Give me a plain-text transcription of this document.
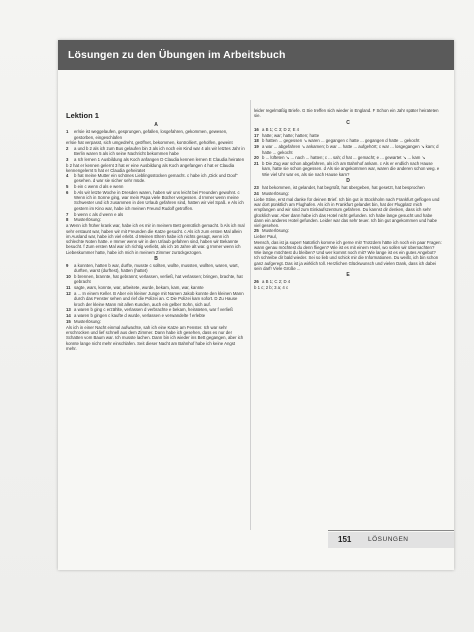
Lösungen zu den Übungen im Arbeitsbuch
Lektion 1
A
1 er/sie ist weggelaufen, gesprungen, gefallen, losgefahren, gekommen, gewesen, gestorben, eingeschlafen
er/sie hat verpasst, sich umgedreht, geöffnet, bekommen, kontrolliert, geholfen, geweint
2 a und b 2 als ich zum Bus gelaufen bin 3 als ich noch ein Kind war 4 als wir letztes Jahr in Berlin waren 5 als ich seine Nachricht bekommen habe
3 a Ich lernen 1 Ausbildung als Koch anfangen D Claudia kennen lernen E Claudia heiraten
b 2 hat er kennen gelernt 3 hat er eine Ausbildung als Koch angefangen 4 hat er Claudia kennengelernt 5 hat er Claudia geheiratet
4 b hat meine Mutter ein schönes Lieblingsstücken gemacht. c habe ich „Dick und Doof“ gesehen. d war sie sicher sehr müde.
5 b ein c wenn d als e wenn
6 b Als wir letzte Woche in Dresden waren, haben wir uns leicht bei Freunden gewohnt. c Wenn ich in Sonne ging, war mein Papa viele Bücher vergessen. d Immer wenn meine Schwester und ich zusammen in den Urlaub gefahren sind, hatten wir viel Spaß. e Als ich gestern im Kino war, habe ich meinen Freund Rudolf getroffen.
7 b wenn c als d wenn e als
8 Musterlösung:
a Wenn ich früher krank war, habe ich es mir in meinem Bett gemütlich gemacht. b Als ich mal sehr erstaunt war, haben wir mit Freunden die Katze gesucht. c Als ich zum ersten Mal allein im Ausland war, habe ich viel erlebt. d Meinen Eltern habe ich nichts gesagt, wenn ich schlechte Noten hatte. e Immer wenn wir in den Urlaub gefahren sind, haben wir Bekannte besucht. f Zum ersten Mal war ich richtig verliebt, als ich 16 Jahre alt war. g Immer wenn ich Liebeskummer hatte, habe ich mich in meinem Zimmer zurückgezogen.
B
9 a konnten, hatten b war, durfte, musste c sollten, wollte, mussten, wollten, waren, wart, durften, warst (durftest), hatten (hattet)
10 b brennen, brannte, hat gebrannt; verlassen, verließ, hat verlassen; bringen, brachte, hat gebracht
11 sagte, wars, konnte, war, arbeitete, wurde, bekam, kam, war, kannte
12 a ... In einem Keller. B Aber ein kleiner Junge mit Namen Jakob konnte den kleinen Mann durch das Fenster sehen und rief die Polizei an. C Die Polizei kam sofort. D Zu Hause kroch der kleine Mann mit allen Kunden, auch ein gelber Sohn, sich auf.
13 a waren b ging c erzählte, verlassen d verbrachte e bekam, heirateten, war f verließ
14 a waren b gingen c kaufte d wurde, verlassen e verwandelte f erlebte
15 Musterlösung:
Als ich in einer Nacht einmal aufwachte, sah ich eine Katze am Fenster. Ich war sehr erschrocken und lief schnell aus dem Zimmer. Dann habe ich gesehen, dass es nur der Schatten vom Baum war. Ich musste lachen. Dann bin ich wieder ins Bett gegangen, aber ich konnte lange nicht mehr einschlafen. Seit dieser Nacht am Bahnhof habe ich keine Angst mehr.
leider regelmäßig Briefe. G Sie treffen sich wieder in England. F Schon ein Jahr später heirateten sie.
C
16 a B 1; C 3; D 2; E 4
17 hatte; war; hatte; hatten; hatte
18 b hatten ... gegessen ↘ waren ... gegangen c hatte ... gegangen d hatte ... gekocht
19 a war ... abgefahren ↘ ankamen; b war ... hatte ... aufgehört; c war ... losgegangen ↘ kam; d hatte ... gekocht
20 b ... lüfteten ↘ ... nach ... hatten; c ... sah; d hat ... gemacht; e ... gewartet ↘ ... kam ↘
21 b Die Zug war schon abgefahren, als ich am Bahnhof ankam. c Als er endlich nach Hause kam, hatte sie schon gegessen. d Als sie angekommen war, waren die anderen schon weg. e Wie viel Uhr war es, als sie nach Hause kam?
D
23 hat bekommen, ist gelandet, hat begrüßt, hat übergeben, hat gesetzt, hat besprochen
24 Musterlösung:
Liebe Stine, erst mal danke für deinen Brief. Ich bin gut in Stockholm nach Frankfurt geflogen und war dort pünktlich am Flughafen. Als ich in Frankfurt gelandet bin, hat der Flugplatz mich empfangen und wir sind zum Einkaufszentrum gefahren. Du kannst dir denken, dass ich sehr glücklich war. Aber dann habe ich das Hotel nicht gefunden. Ich habe lange gesucht und habe dann ein anderes Hotel gefunden. Leider war das sehr teuer. Ich bin gut angekommen und habe viel gesehen.
25 Musterlösung:
Lieber Paul,
Mensch, das ist ja super! Natürlich komme ich gerne mit! Trotzdem hätte ich noch ein paar Fragen: wann genau möchtest du denn fliegen? Wie ist es mit einem Hotel, wo sollen wir übernachten? Wie lange möchtest du bleiben? Und wer kommt noch mit? Wie lange ist es ein gutes Angebot? Ich schreibe dir bald wieder. Sei so lieb und schick mir die Informationen. Du weißt, ich bin schon ganz aufgeregt. Das ist ja wirklich toll. Herzlichen Glückwunsch und vielen Dank, dass ich dabei sein darf! Viele Grüße ...
E
26 a B 1; C 2; D 4
b 1 c; 2 b; 3 a; 4 c
151	LÖSUNGEN
